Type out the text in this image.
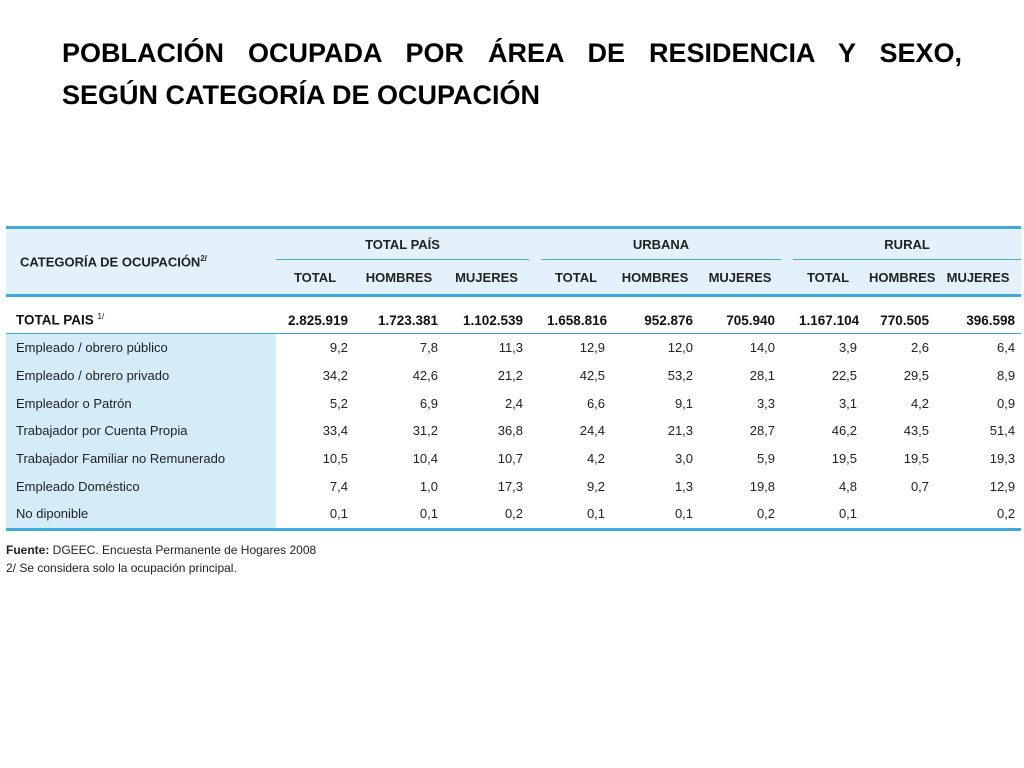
POBLACIÓN OCUPADA POR ÁREA DE RESIDENCIA Y SEXO,
SEGÚN CATEGORÍA DE OCUPACIÓN
CATEGORÍA DE $OCUPACIÓN^{2/}$	TOTAL PAÍS				URBANA				RURAL		
	TOTAL	HOMBRES	MUJERES		TOTAL	HOMBRES	MUJERES		TOTAL	HOMBRES	MUJERES

TOTAL PAIS $^{1/}$	2.825.919	1.723.381	1.102.539		1.658.816	952.876	705.940		1.167.104	770.505	396.598
Empleado / obrero público	9,2	7,8	11,3		12,9	12,0	14,0		3,9	2,6	6,4
Empleado / obrero privado	34,2	42,6	21,2		42,5	53,2	28,1		22,5	29,5	8,9
Empleador o Patrón	5,2	6,9	2,4		6,6	9,1	3,3		3,1	4,2	0,9
Trabajador por Cuenta Propia	33,4	31,2	36,8		24,4	21,3	28,7		46,2	43,5	51,4
Trabajador Familiar no Remunerado	10,5	10,4	10,7		4,2	3,0	5,9		19,5	19,5	19,3
Empleado Doméstico	7,4	1,0	17,3		9,2	1,3	19,8		4,8	0,7	12,9
No diponible	0,1	0,1	0,2		0,1	0,1	0,2		0,1		0,2
Fuente: DGEEC. Encuesta Permanente de Hogares 2008
2/ Se considera solo la ocupación principal.
